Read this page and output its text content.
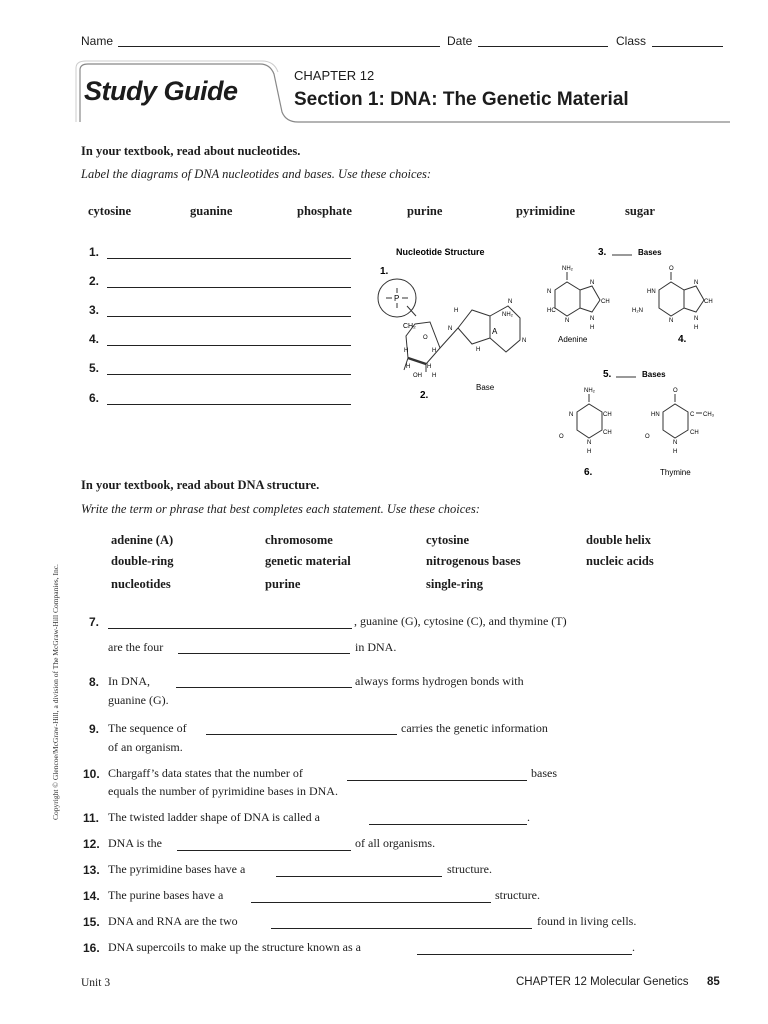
Name	Date	Class
Study Guide
CHAPTER 12
Section 1: DNA: The Genetic Material
In your textbook, read about nucleotides.
Label the diagrams of DNA nucleotides and bases. Use these choices:
cytosine	guanine	phosphate	purine	pyrimidine	sugar
1.
2.
3.
4.
5.
6.
Nucleotide Structure
1.
P
CH₂
O
H	H
H	H
OH H
A
H
N
N
NH₂
N
H
Base
2.
3.	Bases
NH₂
N
HC
N
N
CH
N
H
Adenine
O
HN
H₂N
N
N
CH
N
H
4.
5.	Bases
NH₂
N	CH
CH
O
N
H
6.
O
HN	C CH₃
CH
O
N
H
Thymine
In your textbook, read about DNA structure.
Write the term or phrase that best completes each statement. Use these choices:
adenine (A)	chromosome	cytosine	double helix
double-ring	genetic material	nitrogenous bases	nucleic acids
nucleotides	purine	single-ring
7.	, guanine (G), cytosine (C), and thymine (T)
are the four	in DNA.
8. In DNA,	always forms hydrogen bonds with
guanine (G).
9. The sequence of	carries the genetic information
of an organism.
10. Chargaff’s data states that the number of	bases
equals the number of pyrimidine bases in DNA.
11. The twisted ladder shape of DNA is called a	.
12. DNA is the	of all organisms.
13. The pyrimidine bases have a	structure.
14. The purine bases have a	structure.
15. DNA and RNA are the two	found in living cells.
16. DNA supercoils to make up the structure known as a	.
Copyright © Glencoe/McGraw-Hill, a division of The McGraw-Hill Companies, Inc.
Unit 3	CHAPTER 12 Molecular Genetics 85
